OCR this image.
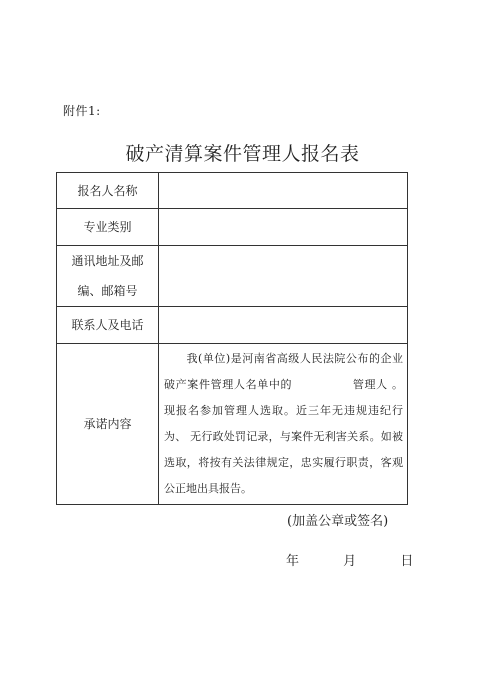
附件1:
破产清算案件管理人报名表
报名人名称	
专业类别	
通讯地址及邮编、邮箱号	
联系人及电话	
承诺内容	我(单位)是河南省高级人民法院公布的企业破产案件管理人名单中的 管理人 。现报名参加管理人选取。近三年无违规违纪行为、 无行政处罚记录，与案件无利害关系。如被选取，将按有关法律规定，忠实履行职责，客观公正地出具报告。
(加盖公章或签名)
年	月	日
